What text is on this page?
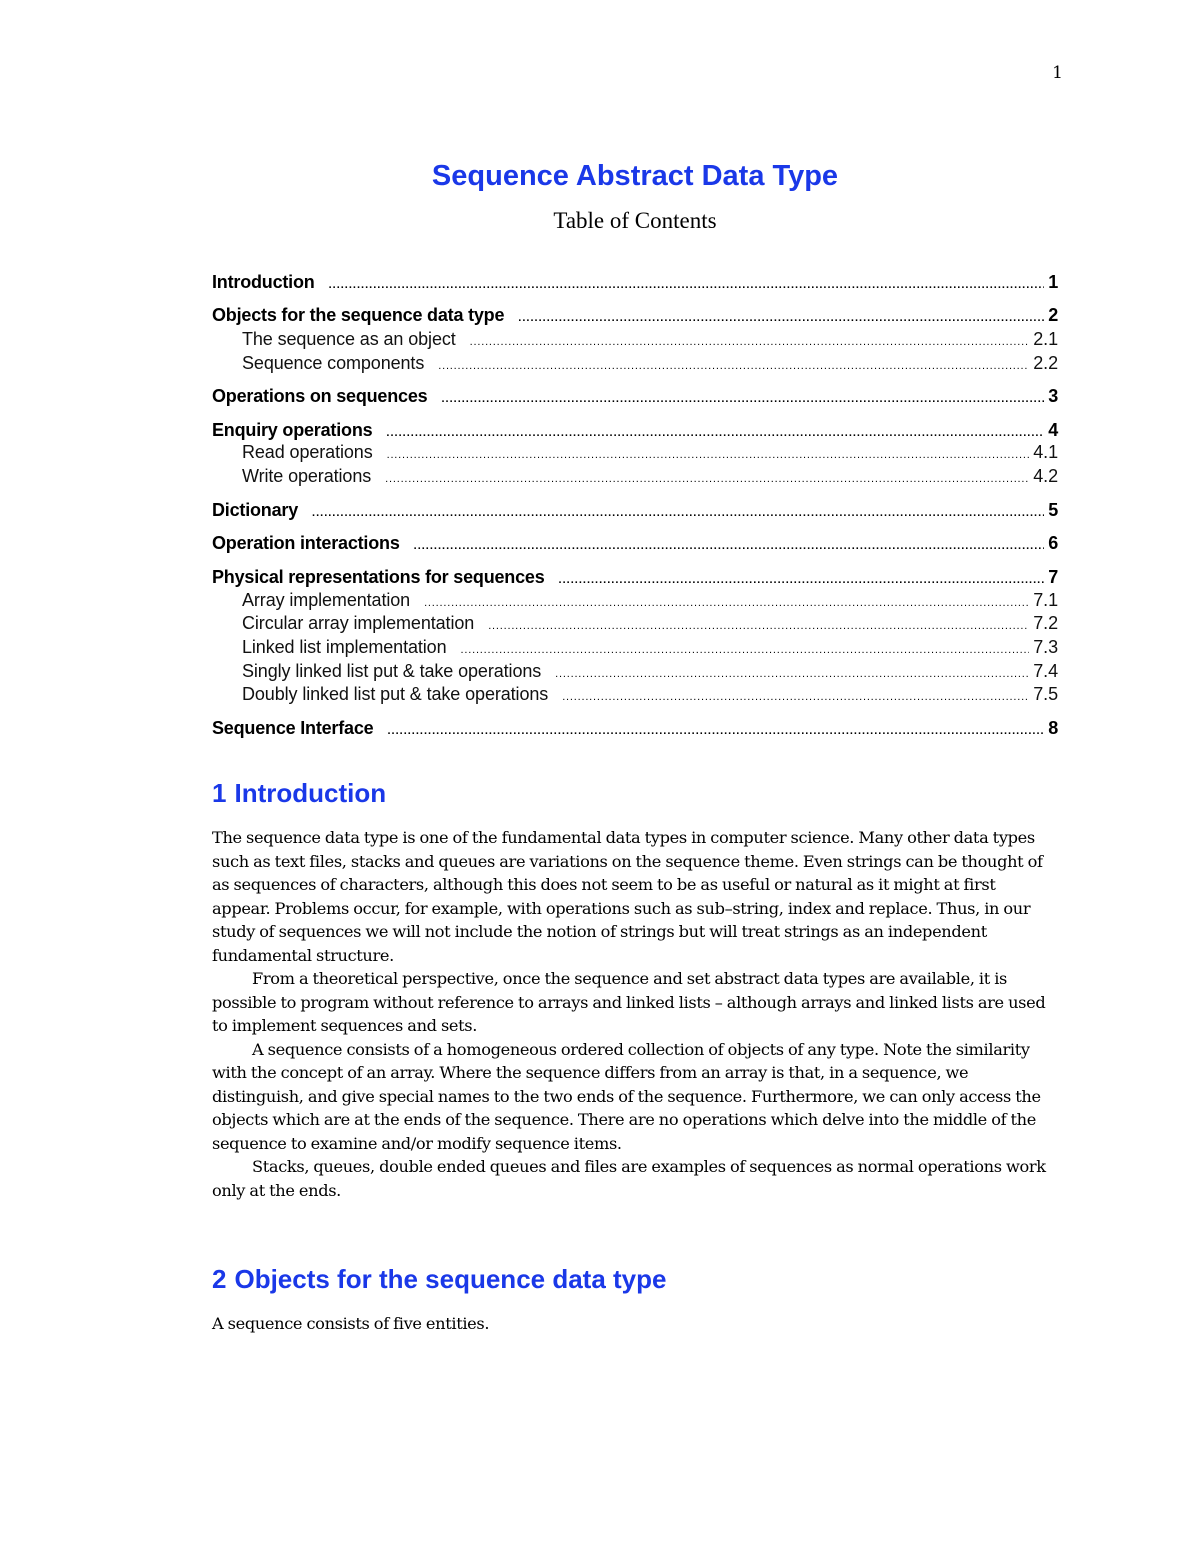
1
Sequence Abstract Data Type
Table of Contents
Introduction .....	1
Objects for the sequence data type .....	2
The sequence as an object .....	2.1
Sequence components .....	2.2
Operations on sequences .....	3
Enquiry operations .....	4
Read operations .....	4.1
Write operations .....	4.2
Dictionary .....	5
Operation interactions .....	6
Physical representations for sequences .....	7
Array implementation .....	7.1
Circular array implementation .....	7.2
Linked list implementation .....	7.3
Singly linked list put & take operations .....	7.4
Doubly linked list put & take operations .....	7.5
Sequence Interface .....	8
1 Introduction

The sequence data type is one of the fundamental data types in computer science. Many other data types such as text files, stacks and queues are variations on the sequence theme. Even strings can be thought of as sequences of characters, although this does not seem to be as useful or natural as it might at first appear. Problems occur, for example, with operations such as sub–string, index and replace. Thus, in our study of sequences we will not include the notion of strings but will treat strings as an independent fundamental structure.

From a theoretical perspective, once the sequence and set abstract data types are available, it is possible to program without reference to arrays and linked lists – although arrays and linked lists are used to implement sequences and sets.

A sequence consists of a homogeneous ordered collection of objects of any type. Note the similarity with the concept of an array. Where the sequence differs from an array is that, in a sequence, we distinguish, and give special names to the two ends of the sequence. Furthermore, we can only access the objects which are at the ends of the sequence. There are no operations which delve into the middle of the sequence to examine and/or modify sequence items.

Stacks, queues, double ended queues and files are examples of sequences as normal operations work only at the ends.

2 Objects for the sequence data type

A sequence consists of five entities.
